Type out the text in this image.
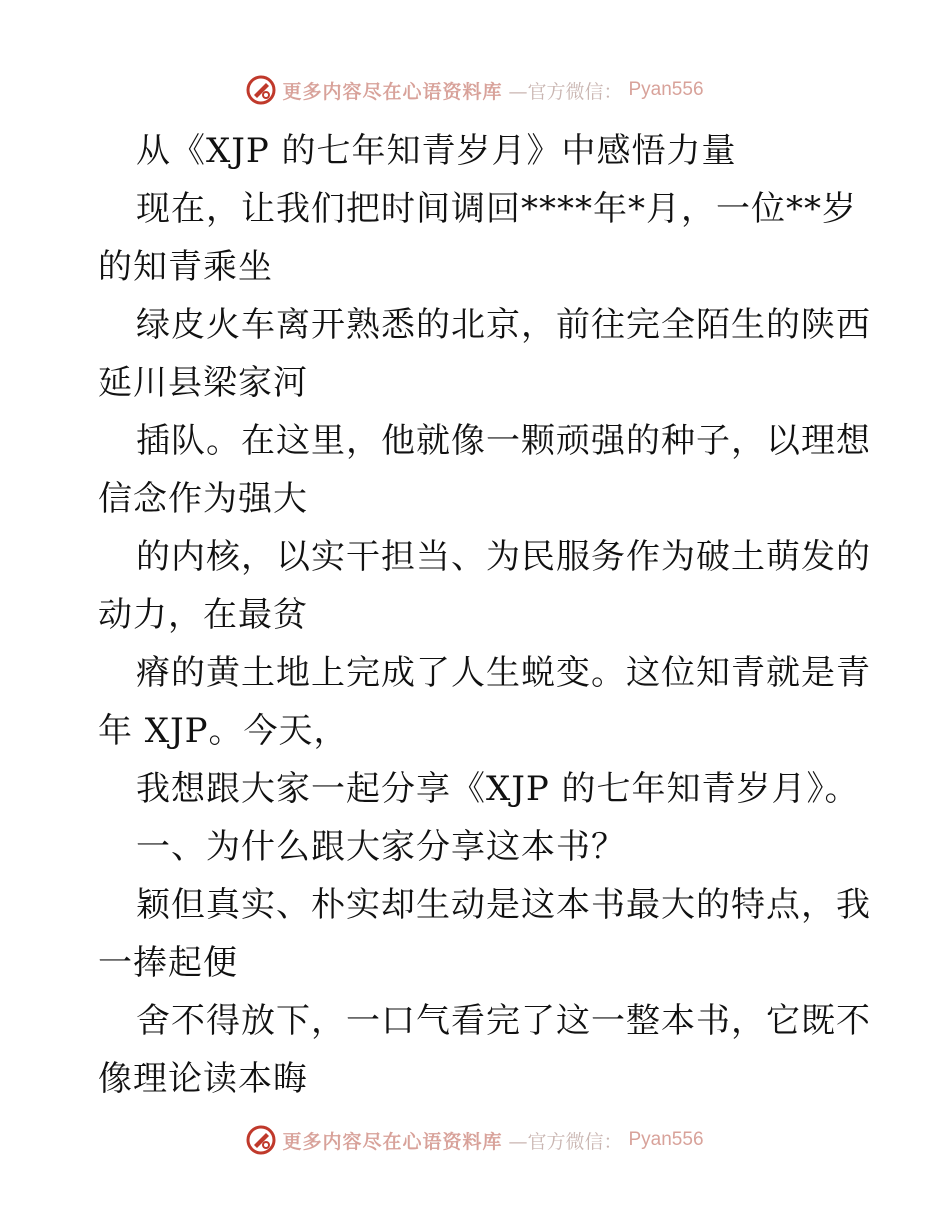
更多内容尽在心语资料库 —官方微信： Pyan556
从《XJP 的七年知青岁月》中感悟力量
现在，让我们把时间调回****年*月，一位**岁
的知青乘坐
绿皮火车离开熟悉的北京，前往完全陌生的陕西
延川县梁家河
插队。在这里，他就像一颗顽强的种子，以理想
信念作为强大
的内核，以实干担当、为民服务作为破土萌发的
动力，在最贫
瘠的黄土地上完成了人生蜕变。这位知青就是青
年 XJP。今天，
我想跟大家一起分享《XJP 的七年知青岁月》。
一、为什么跟大家分享这本书？
颖但真实、朴实却生动是这本书最大的特点，我
一捧起便
舍不得放下，一口气看完了这一整本书，它既不
像理论读本晦
更多内容尽在心语资料库 —官方微信： Pyan556
